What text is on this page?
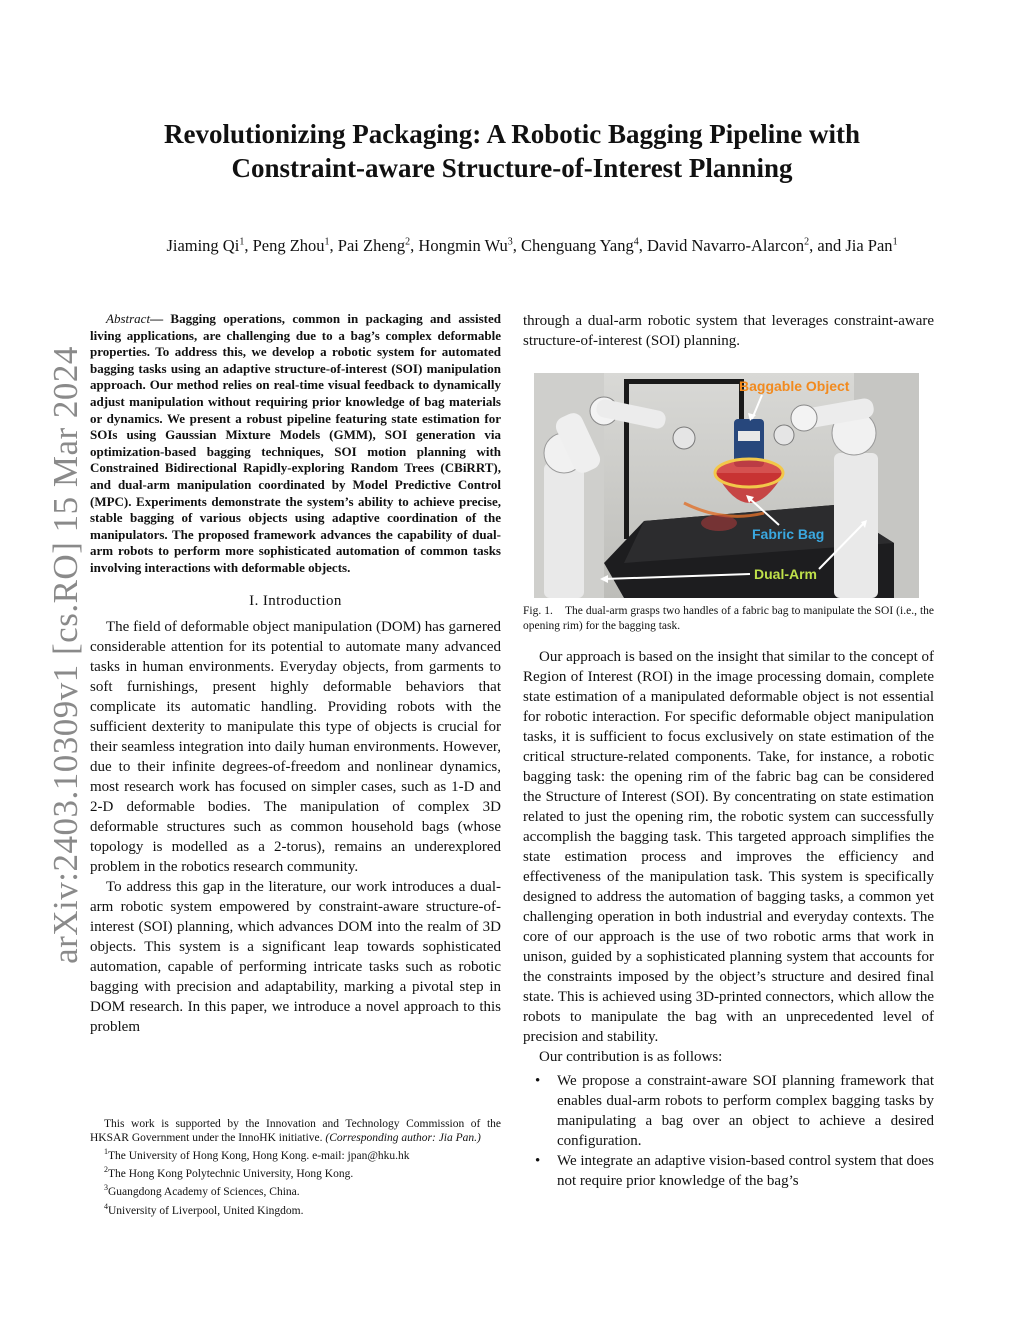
arXiv:2403.10309v1 [cs.RO] 15 Mar 2024
Revolutionizing Packaging: A Robotic Bagging Pipeline with
Constraint-aware Structure-of-Interest Planning
Jiaming Qi$^1$, Peng Zhou$^1$, Pai Zheng$^2$, Hongmin Wu$^3$, Chenguang Yang$^4$, David Navarro-Alarcon$^2$, and Jia Pan$^1$

Abstract— Bagging operations, common in packaging and assisted living applications, are challenging due to a bag’s complex deformable properties. To address this, we develop a robotic system for automated bagging tasks using an adaptive structure-of-interest (SOI) manipulation approach. Our method relies on real-time visual feedback to dynamically adjust manipulation without requiring prior knowledge of bag materials or dynamics. We present a robust pipeline featuring state estimation for SOIs using Gaussian Mixture Models (GMM), SOI generation via optimization-based bagging techniques, SOI motion planning with Constrained Bidirectional Rapidly-exploring Random Trees (CBiRRT), and dual-arm manipulation coordinated by Model Predictive Control (MPC). Experiments demonstrate the system’s ability to achieve precise, stable bagging of various objects using adaptive coordination of the manipulators. The proposed framework advances the capability of dual-arm robots to perform more sophisticated automation of common tasks involving interactions with deformable objects.

I. Introduction

The field of deformable object manipulation (DOM) has garnered considerable attention for its potential to automate many advanced tasks in human environments. Everyday objects, from garments to soft furnishings, present highly deformable behaviors that complicate its automatic handling. Providing robots with the sufficient dexterity to manipulate this type of objects is crucial for their seamless integration into daily human environments. However, due to their infinite degrees-of-freedom and nonlinear dynamics, most research work has focused on simpler cases, such as 1-D and 2-D deformable bodies. The manipulation of complex 3D deformable structures such as common household bags (whose topology is modelled as a 2-torus), remains an underexplored problem in the robotics research community.

To address this gap in the literature, our work introduces a dual-arm robotic system empowered by constraint-aware structure-of-interest (SOI) planning, which advances DOM into the realm of 3D objects. This system is a significant leap towards sophisticated automation, capable of performing intricate tasks such as robotic bagging with precision and adaptability, marking a pivotal step in DOM research. In this paper, we introduce a novel approach to this problem

This work is supported by the Innovation and Technology Commission of the HKSAR Government under the InnoHK initiative. (Corresponding author: Jia Pan.)

$^1$The University of Hong Kong, Hong Kong. e-mail: jpan@hku.hk
$^2$The Hong Kong Polytechnic University, Hong Kong.
$^3$Guangdong Academy of Sciences, China.
$^4$University of Liverpool, United Kingdom.

through a dual-arm robotic system that leverages constraint-aware structure-of-interest (SOI) planning.

Baggable Object
Fabric Bag
Dual-Arm
Fig. 1. The dual-arm grasps two handles of a fabric bag to manipulate the SOI (i.e., the opening rim) for the bagging task.

Our approach is based on the insight that similar to the concept of Region of Interest (ROI) in the image processing domain, complete state estimation of a manipulated deformable object is not essential for robotic interaction. For specific deformable object manipulation tasks, it is sufficient to focus exclusively on state estimation of the critical structure-related components. Take, for instance, a robotic bagging task: the opening rim of the fabric bag can be considered the Structure of Interest (SOI). By concentrating on state estimation related to just the opening rim, the robotic system can successfully accomplish the bagging task. This targeted approach simplifies the state estimation process and improves the efficiency and effectiveness of the manipulation task. This system is specifically designed to address the automation of bagging tasks, a common yet challenging operation in both industrial and everyday contexts. The core of our approach is the use of two robotic arms that work in unison, guided by a sophisticated planning system that accounts for the constraints imposed by the object’s structure and desired final state. This is achieved using 3D-printed connectors, which allow the robots to manipulate the bag with an unprecedented level of precision and stability.

Our contribution is as follows:

• We propose a constraint-aware SOI planning framework that enables dual-arm robots to perform complex bagging tasks by manipulating a bag over an object to achieve a desired configuration.
• We integrate an adaptive vision-based control system that does not require prior knowledge of the bag’s
